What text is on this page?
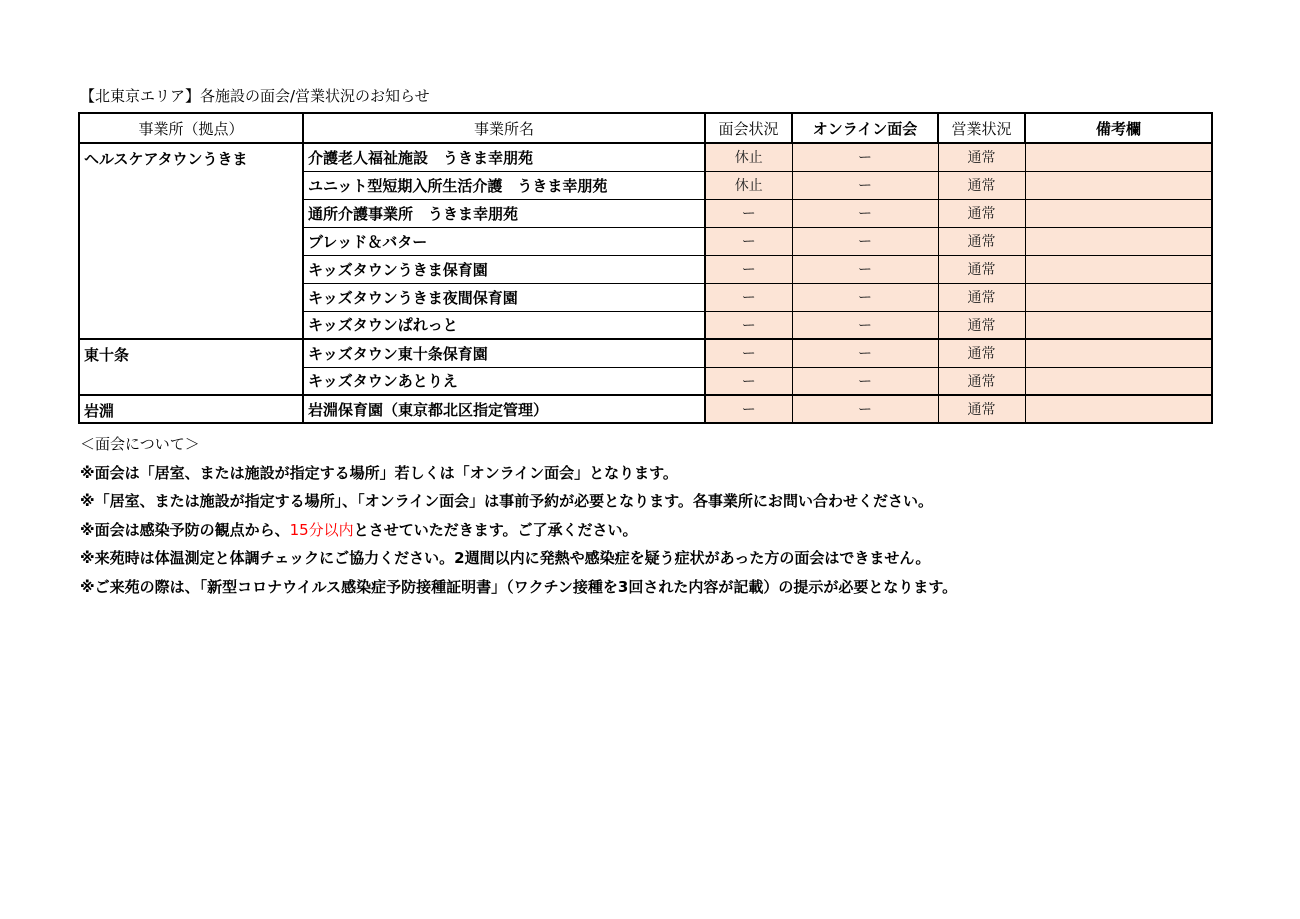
【北東京エリア】各施設の面会/営業状況のお知らせ
事業所（拠点）	事業所名	面会状況	オンライン面会	営業状況	備考欄
ヘルスケアタウンうきま	介護老人福祉施設　うきま幸朋苑	休止	ー	通常	
	ユニット型短期入所生活介護　うきま幸朋苑	休止	ー	通常	
	通所介護事業所　うきま幸朋苑	ー	ー	通常	
	ブレッド＆バター	ー	ー	通常	
	キッズタウンうきま保育園	ー	ー	通常	
	キッズタウンうきま夜間保育園	ー	ー	通常	
	キッズタウンぱれっと	ー	ー	通常	
東十条	キッズタウン東十条保育園	ー	ー	通常	
	キッズタウンあとりえ	ー	ー	通常	
岩淵	岩淵保育園（東京都北区指定管理）	ー	ー	通常	
＜面会について＞
※面会は「居室、または施設が指定する場所」若しくは「オンライン面会」となります。
※「居室、または施設が指定する場所」、「オンライン面会」は事前予約が必要となります。各事業所にお問い合わせください。
※面会は感染予防の観点から、15分以内とさせていただきます。ご了承ください。
※来苑時は体温測定と体調チェックにご協力ください。2週間以内に発熱や感染症を疑う症状があった方の面会はできません。
※ご来苑の際は、「新型コロナウイルス感染症予防接種証明書」（ワクチン接種を3回された内容が記載）の提示が必要となります。
